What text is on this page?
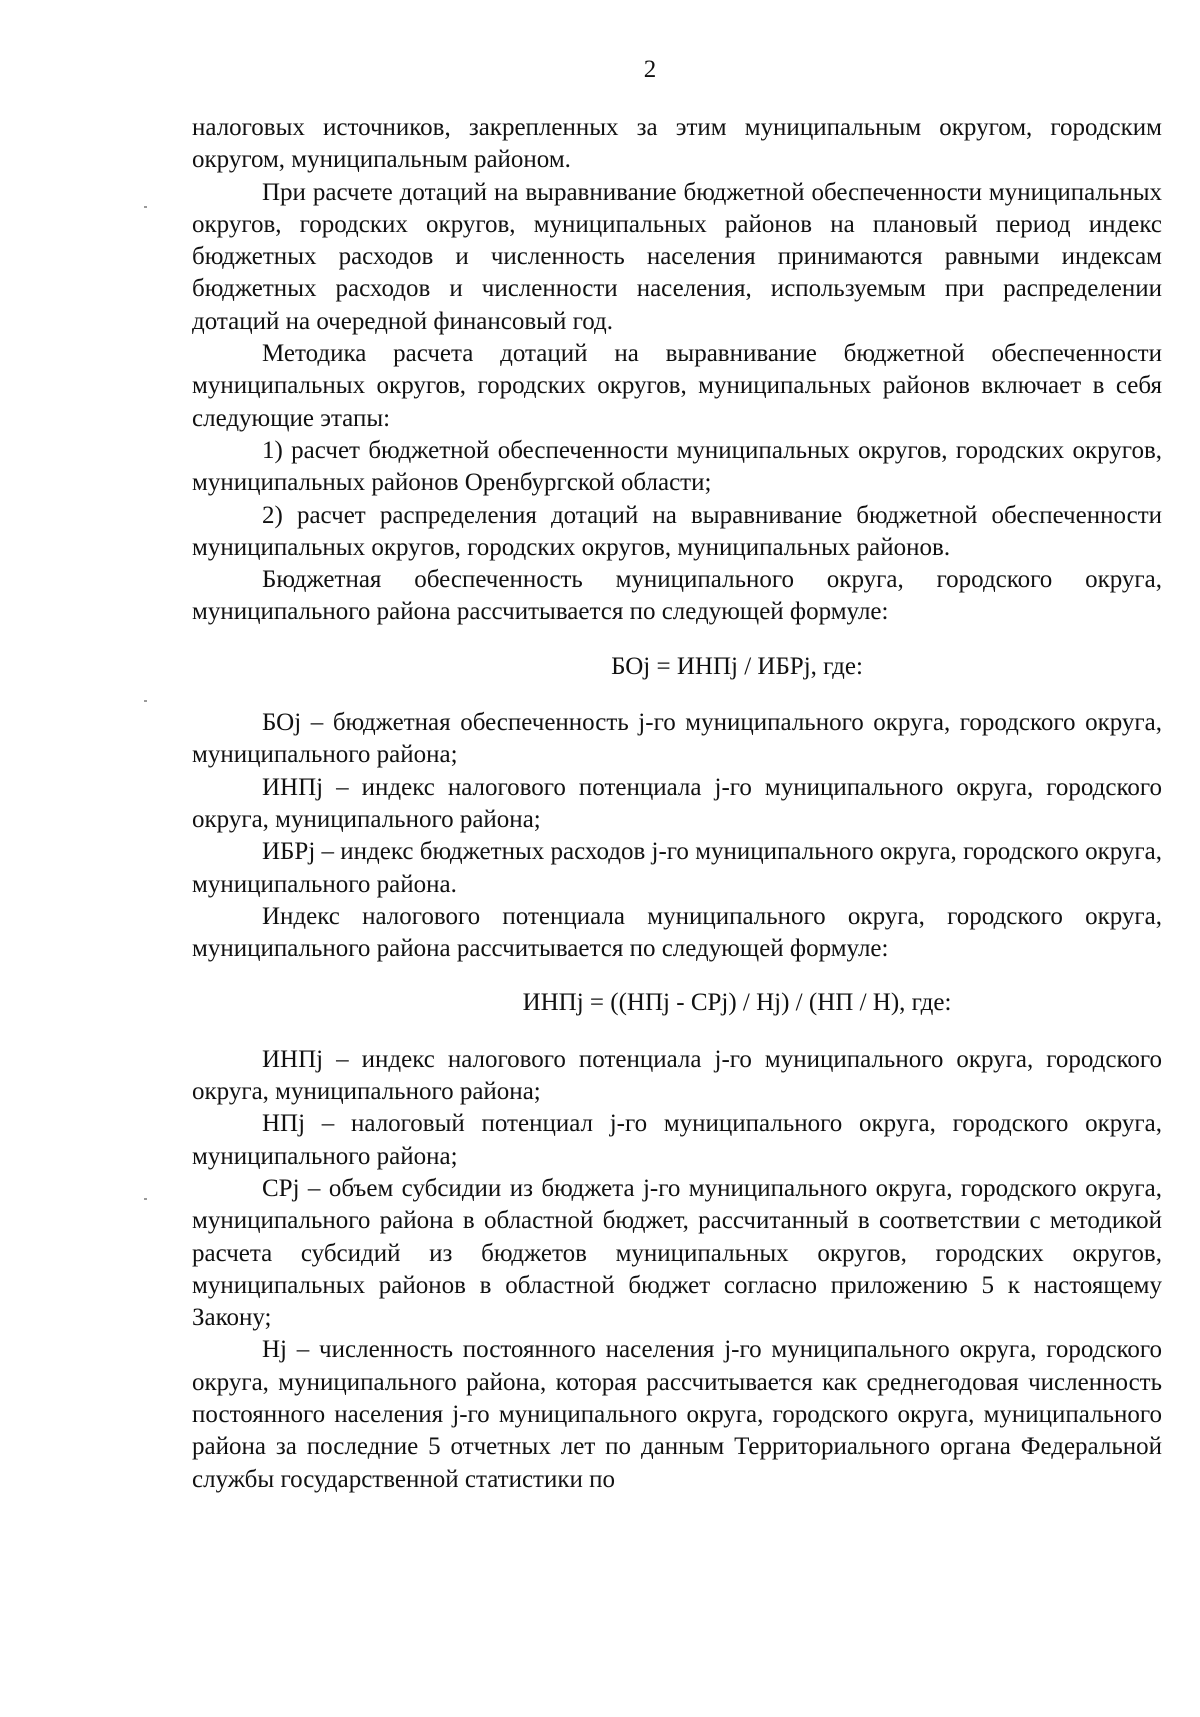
2

налоговых источников, закрепленных за этим муниципальным округом, городским округом, муниципальным районом.

При расчете дотаций на выравнивание бюджетной обеспеченности муниципальных округов, городских округов, муниципальных районов на плановый период индекс бюджетных расходов и численность населения принимаются равными индексам бюджетных расходов и численности населения, используемым при распределении дотаций на очередной финансовый год.

Методика расчета дотаций на выравнивание бюджетной обеспеченности муниципальных округов, городских округов, муниципальных районов включает в себя следующие этапы:

1) расчет бюджетной обеспеченности муниципальных округов, городских округов, муниципальных районов Оренбургской области;

2) расчет распределения дотаций на выравнивание бюджетной обеспеченности муниципальных округов, городских округов, муниципальных районов.

Бюджетная обеспеченность муниципального округа, городского округа, муниципального района рассчитывается по следующей формуле:

БОj = ИНПj / ИБРj, где:

БОj – бюджетная обеспеченность j-го муниципального округа, городского округа, муниципального района;

ИНПj – индекс налогового потенциала j-го муниципального округа, городского округа, муниципального района;

ИБРj – индекс бюджетных расходов j-го муниципального округа, городского округа, муниципального района.

Индекс налогового потенциала муниципального округа, городского округа, муниципального района рассчитывается по следующей формуле:

ИНПj = ((НПj - СРj) / Нj) / (НП / Н), где:

ИНПj – индекс налогового потенциала j-го муниципального округа, городского округа, муниципального района;

НПj – налоговый потенциал j-го муниципального округа, городского округа, муниципального района;

СРj – объем субсидии из бюджета j-го муниципального округа, городского округа, муниципального района в областной бюджет, рассчитанный в соответствии с методикой расчета субсидий из бюджетов муниципальных округов, городских округов, муниципальных районов в областной бюджет согласно приложению 5 к настоящему Закону;

Нj – численность постоянного населения j-го муниципального округа, городского округа, муниципального района, которая рассчитывается как среднегодовая численность постоянного населения j-го муниципального округа, городского округа, муниципального района за последние 5 отчетных лет по данным Территориального органа Федеральной службы государственной статистики по
